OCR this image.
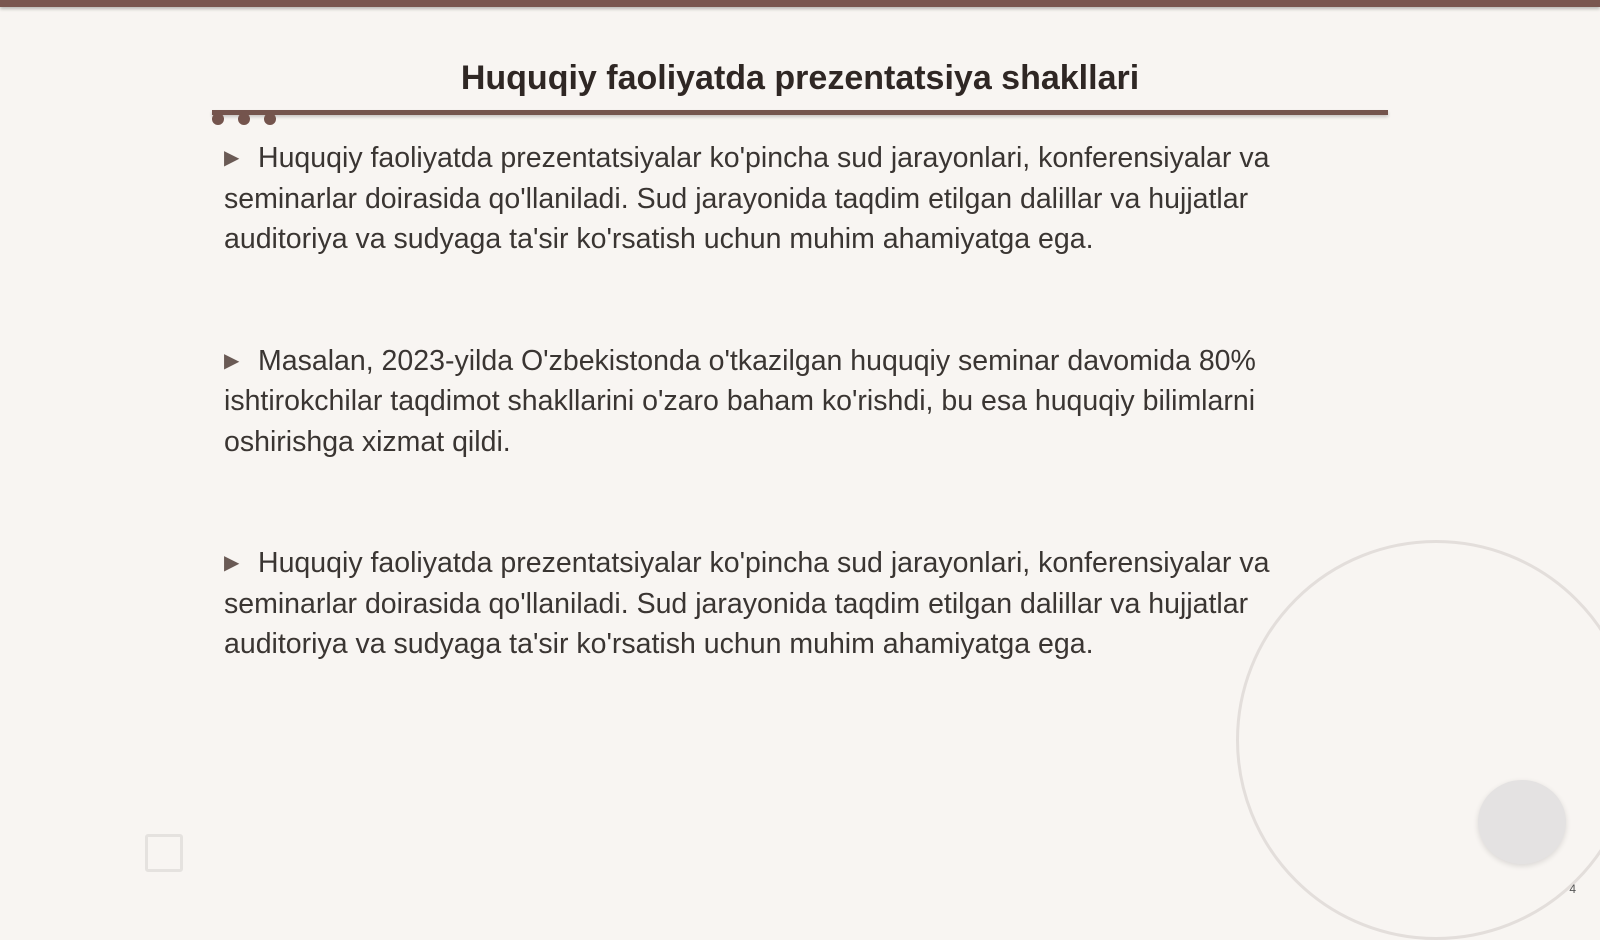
Huquqiy faoliyatda prezentatsiya shakllari

▶ Huquqiy faoliyatda prezentatsiyalar ko'pincha sud jarayonlari, konferensiyalar va seminarlar doirasida qo'llaniladi. Sud jarayonida taqdim etilgan dalillar va hujjatlar auditoriya va sudyaga ta'sir ko'rsatish uchun muhim ahamiyatga ega.

▶ Masalan, 2023-yilda O'zbekistonda o'tkazilgan huquqiy seminar davomida 80% ishtirokchilar taqdimot shakllarini o'zaro baham ko'rishdi, bu esa huquqiy bilimlarni oshirishga xizmat qildi.

▶ Huquqiy faoliyatda prezentatsiyalar ko'pincha sud jarayonlari, konferensiyalar va seminarlar doirasida qo'llaniladi. Sud jarayonida taqdim etilgan dalillar va hujjatlar auditoriya va sudyaga ta'sir ko'rsatish uchun muhim ahamiyatga ega.

4
